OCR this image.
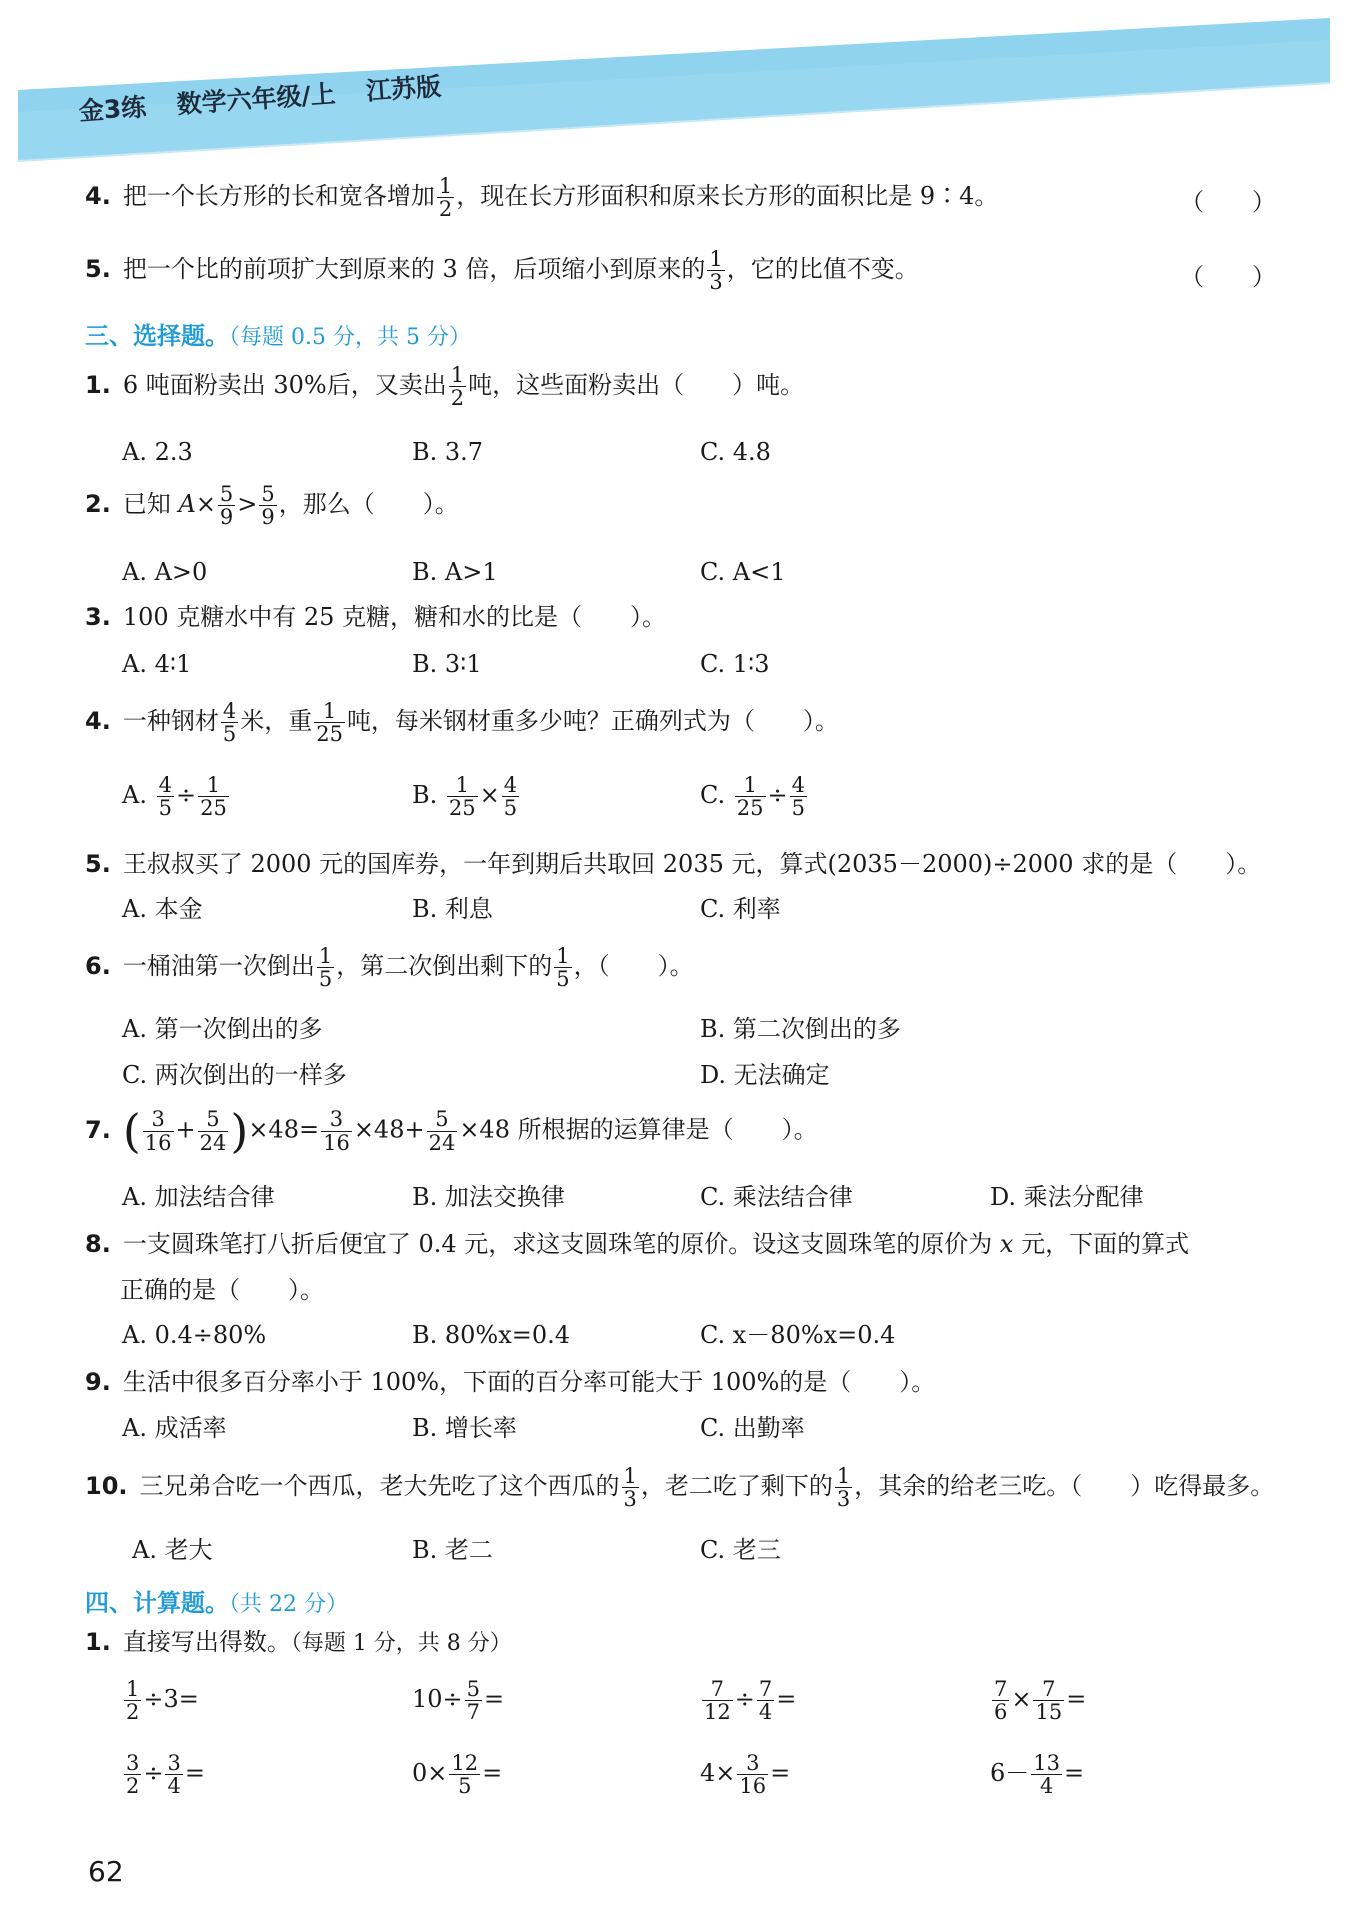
金3练 数学六年级/上 江苏版
4. 把一个长方形的长和宽各增加 $\frac{1}{2}$ ，现在长方形面积和原来长方形的面积比是 9∶4。	（　　）
5. 把一个比的前项扩大到原来的 3 倍，后项缩小到原来的 $\frac{1}{3}$ ，它的比值不变。	（　　）
三、选择题。（每题 0.5 分，共 5 分）
1. 6 吨面粉卖出 30%后，又卖出 $\frac{1}{2}$ 吨，这些面粉卖出（　　）吨。
A. 2.3	B. 3.7	C. 4.8
2. 已知 $A\times \frac{5}{9} > \frac{5}{9}$ ，那么（　　）。
A. A>0	B. A>1	C. A<1
3. 100 克糖水中有 25 克糖，糖和水的比是（　　）。
A. 4∶1	B. 3∶1	C. 1∶3
4. 一种钢材 $\frac{4}{5}$ 米，重 $\frac{1}{25}$ 吨，每米钢材重多少吨？正确列式为（　　）。
A. $\frac{4}{5} \div \frac{1}{25}$	B. $\frac{1}{25} \times \frac{4}{5}$	C. $\frac{1}{25} \div \frac{4}{5}$
5. 王叔叔买了 2000 元的国库券，一年到期后共取回 2035 元，算式(2035－2000)÷2000 求的是（　　）。
A. 本金	B. 利息	C. 利率
6. 一桶油第一次倒出 $\frac{1}{5}$ ，第二次倒出剩下的 $\frac{1}{5}$ ，（　　）。
A. 第一次倒出的多	B. 第二次倒出的多
C. 两次倒出的一样多	D. 无法确定
7. ( $\frac{3}{16} + \frac{5}{24} )\times 48= \frac{3}{16} \times 48+ \frac{5}{24} \times 48$ 所根据的运算律是（　　）。
A. 加法结合律	B. 加法交换律	C. 乘法结合律	D. 乘法分配律
8. 一支圆珠笔打八折后便宜了 0.4 元，求这支圆珠笔的原价。设这支圆珠笔的原价为 x 元，下面的算式
正确的是（　　）。
A. 0.4÷80%	B. 80%x=0.4	C. x－80%x=0.4
9. 生活中很多百分率小于 100%，下面的百分率可能大于 100%的是（　　）。
A. 成活率	B. 增长率	C. 出勤率
10. 三兄弟合吃一个西瓜，老大先吃了这个西瓜的 $\frac{1}{3}$ ，老二吃了剩下的 $\frac{1}{3}$ ，其余的给老三吃。（　　）吃得最多。
A. 老大	B. 老二	C. 老三
四、计算题。（共 22 分）
1. 直接写出得数。（每题 1 分，共 8 分）
$\frac{1}{2} \div 3=$	$10\div \frac{5}{7}$ =	$\frac{7}{12} \div \frac{7}{4}$ =	$\frac{7}{6} \times \frac{7}{15}$ =
$\frac{3}{2} \div \frac{3}{4}$ =	$0\times \frac{12}{5}$ =	$4\times \frac{3}{16}$ =	$6- \frac{13}{4}$ =
62
